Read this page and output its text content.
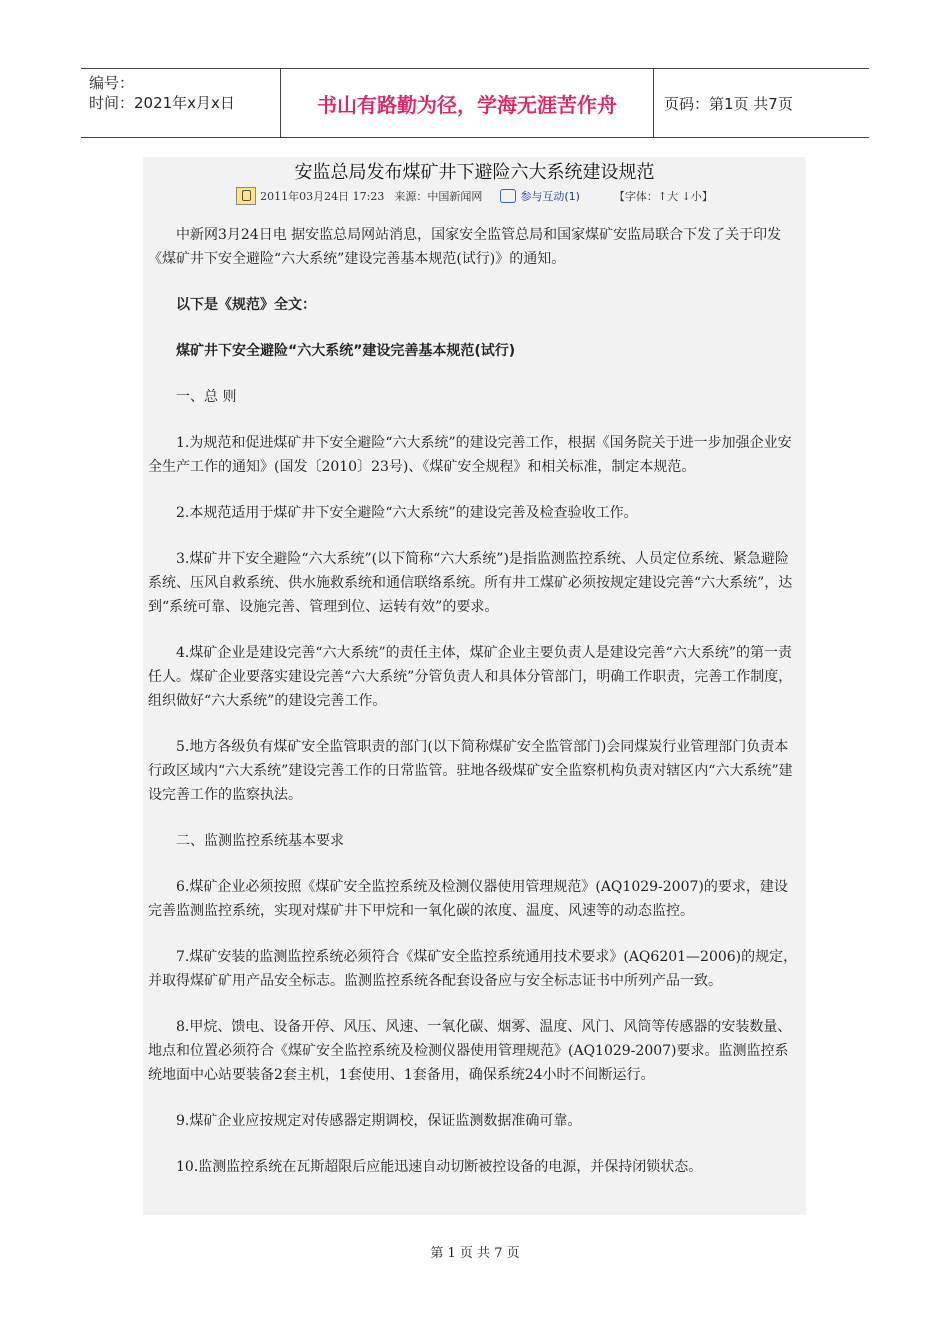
编号：
时间：2021年x月x日	书山有路勤为径，学海无涯苦作舟	页码：第1页 共7页
安监总局发布煤矿井下避险六大系统建设规范
2011年03月24日 17:23 来源：中国新闻网	参与互动(1)	【字体：↑大 ↓小】

中新网3月24日电 据安监总局网站消息，国家安全监管总局和国家煤矿安监局联合下发了关于印发《煤矿井下安全避险“六大系统”建设完善基本规范(试行)》的通知。

以下是《规范》全文：

煤矿井下安全避险“六大系统”建设完善基本规范(试行)

一、总 则

1.为规范和促进煤矿井下安全避险“六大系统”的建设完善工作，根据《国务院关于进一步加强企业安全生产工作的通知》(国发〔2010〕23号)、《煤矿安全规程》和相关标准，制定本规范。

2.本规范适用于煤矿井下安全避险“六大系统”的建设完善及检查验收工作。

3.煤矿井下安全避险“六大系统”(以下简称“六大系统”)是指监测监控系统、人员定位系统、紧急避险系统、压风自救系统、供水施救系统和通信联络系统。所有井工煤矿必须按规定建设完善“六大系统”，达到“系统可靠、设施完善、管理到位、运转有效”的要求。

4.煤矿企业是建设完善“六大系统”的责任主体，煤矿企业主要负责人是建设完善“六大系统”的第一责任人。煤矿企业要落实建设完善“六大系统”分管负责人和具体分管部门，明确工作职责，完善工作制度，组织做好“六大系统”的建设完善工作。

5.地方各级负有煤矿安全监管职责的部门(以下简称煤矿安全监管部门)会同煤炭行业管理部门负责本行政区域内“六大系统”建设完善工作的日常监管。驻地各级煤矿安全监察机构负责对辖区内“六大系统”建设完善工作的监察执法。

二、监测监控系统基本要求

6.煤矿企业必须按照《煤矿安全监控系统及检测仪器使用管理规范》(AQ1029-2007)的要求，建设完善监测监控系统，实现对煤矿井下甲烷和一氧化碳的浓度、温度、风速等的动态监控。

7.煤矿安装的监测监控系统必须符合《煤矿安全监控系统通用技术要求》(AQ6201—2006)的规定，并取得煤矿矿用产品安全标志。监测监控系统各配套设备应与安全标志证书中所列产品一致。

8.甲烷、馈电、设备开停、风压、风速、一氧化碳、烟雾、温度、风门、风筒等传感器的安装数量、地点和位置必须符合《煤矿安全监控系统及检测仪器使用管理规范》(AQ1029-2007)要求。监测监控系统地面中心站要装备2套主机，1套使用、1套备用，确保系统24小时不间断运行。

9.煤矿企业应按规定对传感器定期调校，保证监测数据准确可靠。

10.监测监控系统在瓦斯超限后应能迅速自动切断被控设备的电源，并保持闭锁状态。

第 1 页 共 7 页
